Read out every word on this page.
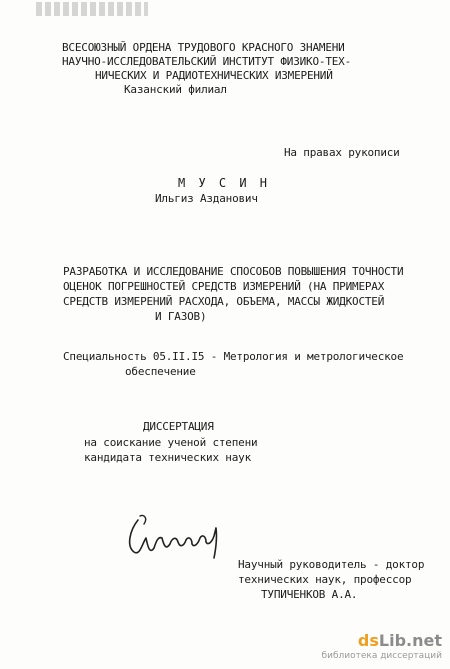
ВСЕСОЮЗНЫЙ ОРДЕНА ТРУДОВОГО КРАСНОГО ЗНАМЕНИ
НАУЧНО-ИССЛЕДОВАТЕЛЬСКИЙ ИНСТИТУТ ФИЗИКО-ТЕХ-
НИЧЕСКИХ И РАДИОТЕХНИЧЕСКИХ ИЗМЕРЕНИЙ
Казанский филиал
На правах рукописи
М У С И Н
Ильгиз Азданович
РАЗРАБОТКА И ИССЛЕДОВАНИЕ СПОСОБОВ ПОВЫШЕНИЯ ТОЧНОСТИ
ОЦЕНОК ПОГРЕШНОСТЕЙ СРЕДСТВ ИЗМЕРЕНИЙ (НА ПРИМЕРАХ
СРЕДСТВ ИЗМЕРЕНИЙ РАСХОДА, ОБЪЕМА, МАССЫ ЖИДКОСТЕЙ
И ГАЗОВ)
Специальность 05.II.I5 - Метрология и метрологическое
обеспечение
ДИССЕРТАЦИЯ
на соискание ученой степени
кандидата технических наук
Научный руководитель - доктор
технических наук, профессор
ТУПИЧЕНКОВ А.А.
dsLib.net
библиотека диссертаций
